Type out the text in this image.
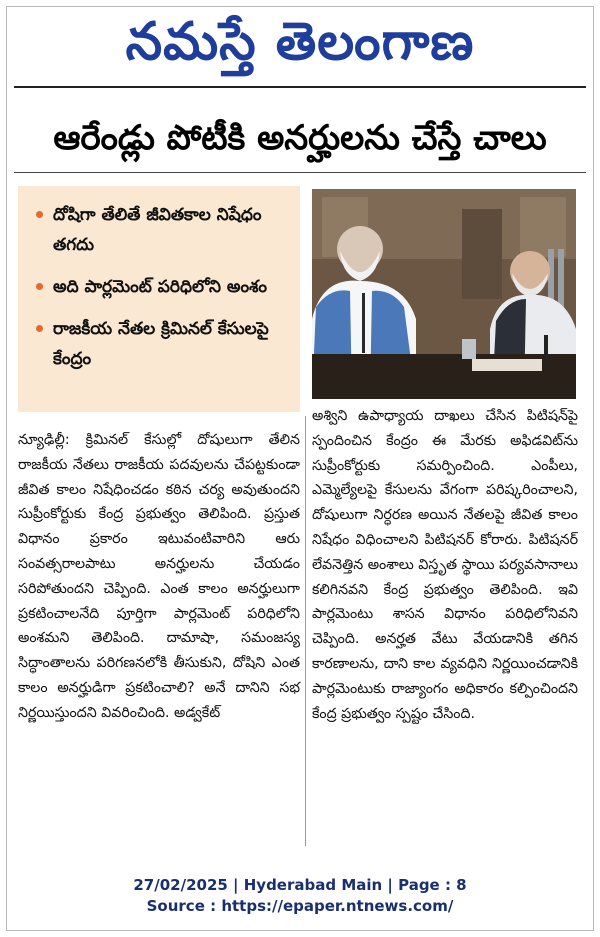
నమస్తే తెలంగాణ
ఆరేండ్లు పోటీకి అనర్హులను చేస్తే చాలు
దోషిగా తేలితే జీవితకాల నిషేధం తగదు
అది పార్లమెంట్ పరిధిలోని అంశం
రాజకీయ నేతల క్రిమినల్ కేసులపై కేంద్రం
న్యూఢిల్లీ: క్రిమినల్ కేసుల్లో దోషులుగా తేలిన రాజకీయ నేతలు రాజకీయ పదవులను చేపట్టకుండా జీవిత కాలం నిషేధించడం కఠిన చర్య అవుతుందని సుప్రీంకోర్టుకు కేంద్ర ప్రభుత్వం తెలిపింది. ప్రస్తుత విధానం ప్రకారం ఇటువంటివారిని ఆరు సంవత్సరాలపాటు అనర్హులను చేయడం సరిపోతుందని చెప్పింది. ఎంత కాలం అనర్హులుగా ప్రకటించాలనేది పూర్తిగా పార్లమెంట్ పరిధిలోని అంశమని తెలిపింది. దామాషా, సమంజస్య సిద్ధాంతాలను పరిగణనలోకి తీసుకుని, దోషిని ఎంత కాలం అనర్హుడిగా ప్రకటించాలి? అనే దానిని సభ నిర్ణయిస్తుందని వివరించింది. అడ్వకేట్
అశ్విని ఉపాధ్యాయ దాఖలు చేసిన పిటిషన్‌పై స్పందించిన కేంద్రం ఈ మేరకు అఫిడవిట్‌ను సుప్రీంకోర్టుకు సమర్పించింది. ఎంపీలు, ఎమ్మెల్యేలపై కేసులను వేగంగా పరిష్కరించాలని, దోషులుగా నిర్ధరణ అయిన నేతలపై జీవిత కాలం నిషేధం విధించాలని పిటిషనర్ కోరారు. పిటిషనర్ లేవనెత్తిన అంశాలు విస్తృత స్థాయి పర్యవసానాలు కలిగినవని కేంద్ర ప్రభుత్వం తెలిపింది. ఇవి పార్లమెంటు శాసన విధానం పరిధిలోనివని చెప్పింది. అనర్హత వేటు వేయడానికి తగిన కారణాలను, దాని కాల వ్యవధిని నిర్ణయించడానికి పార్లమెంటుకు రాజ్యాంగం అధికారం కల్పించిందని కేంద్ర ప్రభుత్వం స్పష్టం చేసింది.
27/02/2025 | Hyderabad Main | Page : 8
Source : https://epaper.ntnews.com/
